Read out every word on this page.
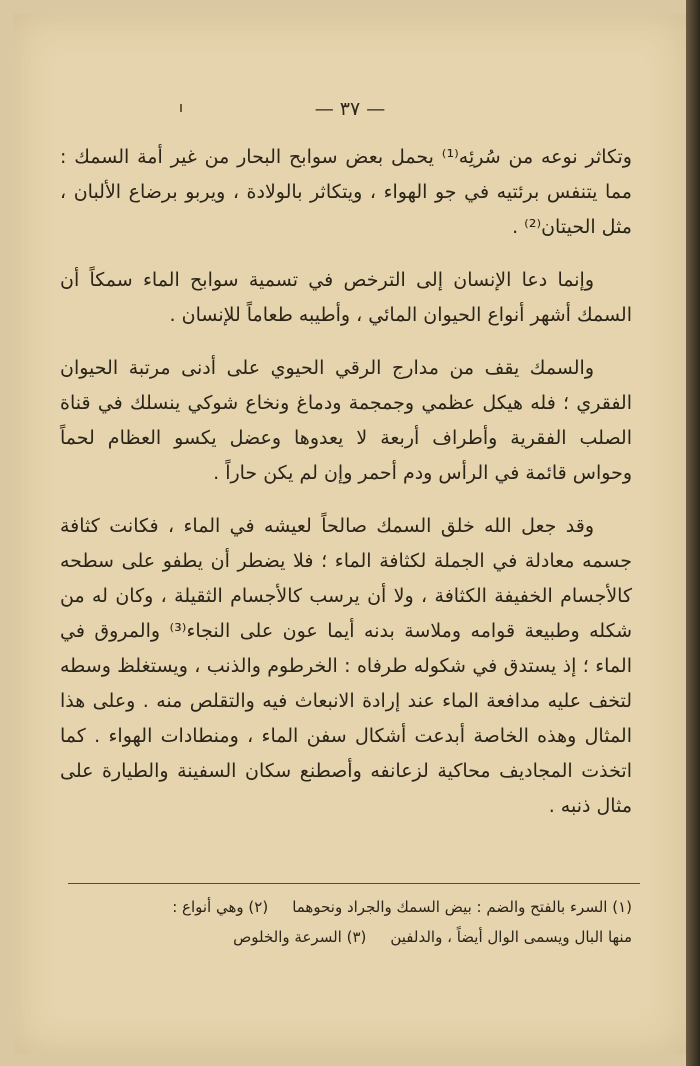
— ٣٧ —

وتكاثر نوعه من سُرئِه⁽¹⁾ يحمل بعض سوابح البحار من غير أمة السمك : مما يتنفس برئتيه في جو الهواء ، ويتكاثر بالولادة ، ويربو برضاع الألبان ، مثل الحيتان⁽²⁾ .

وإنما دعا الإنسان إلى الترخص في تسمية سوابح الماء سمكاً أن السمك أشهر أنواع الحيوان المائي ، وأطيبه طعاماً للإنسان .

والسمك يقف من مدارج الرقي الحيوي على أدنى مرتبة الحيوان الفقري ؛ فله هيكل عظمي وجمجمة ودماغ ونخاع شوكي ينسلك في قناة الصلب الفقرية وأطراف أربعة لا يعدوها وعضل يكسو العظام لحماً وحواس قائمة في الرأس ودم أحمر وإن لم يكن حاراً .

وقد جعل الله خلق السمك صالحاً لعيشه في الماء ، فكانت كثافة جسمه معادلة في الجملة لكثافة الماء ؛ فلا يضطر أن يطفو على سطحه كالأجسام الخفيفة الكثافة ، ولا أن يرسب كالأجسام الثقيلة ، وكان له من شكله وطبيعة قوامه وملاسة بدنه أيما عون على النجاء⁽³⁾ والمروق في الماء ؛ إذ يستدق في شكوله طرفاه : الخرطوم والذنب ، ويستغلظ وسطه لتخف عليه مدافعة الماء عند إرادة الانبعاث فيه والتقلص منه . وعلى هذا المثال وهذه الخاصة أبدعت أشكال سفن الماء ، ومنطادات الهواء . كما اتخذت المجاديف محاكية لزعانفه وأصطنع سكان السفينة والطيارة على مثال ذنبه .

(١) السرء بالفتح والضم : بيض السمك والجراد ونحوهما(٢) وهي أنواع :
منها البال ويسمى الوال أيضاً ، والدلفين(٣) السرعة والخلوص
